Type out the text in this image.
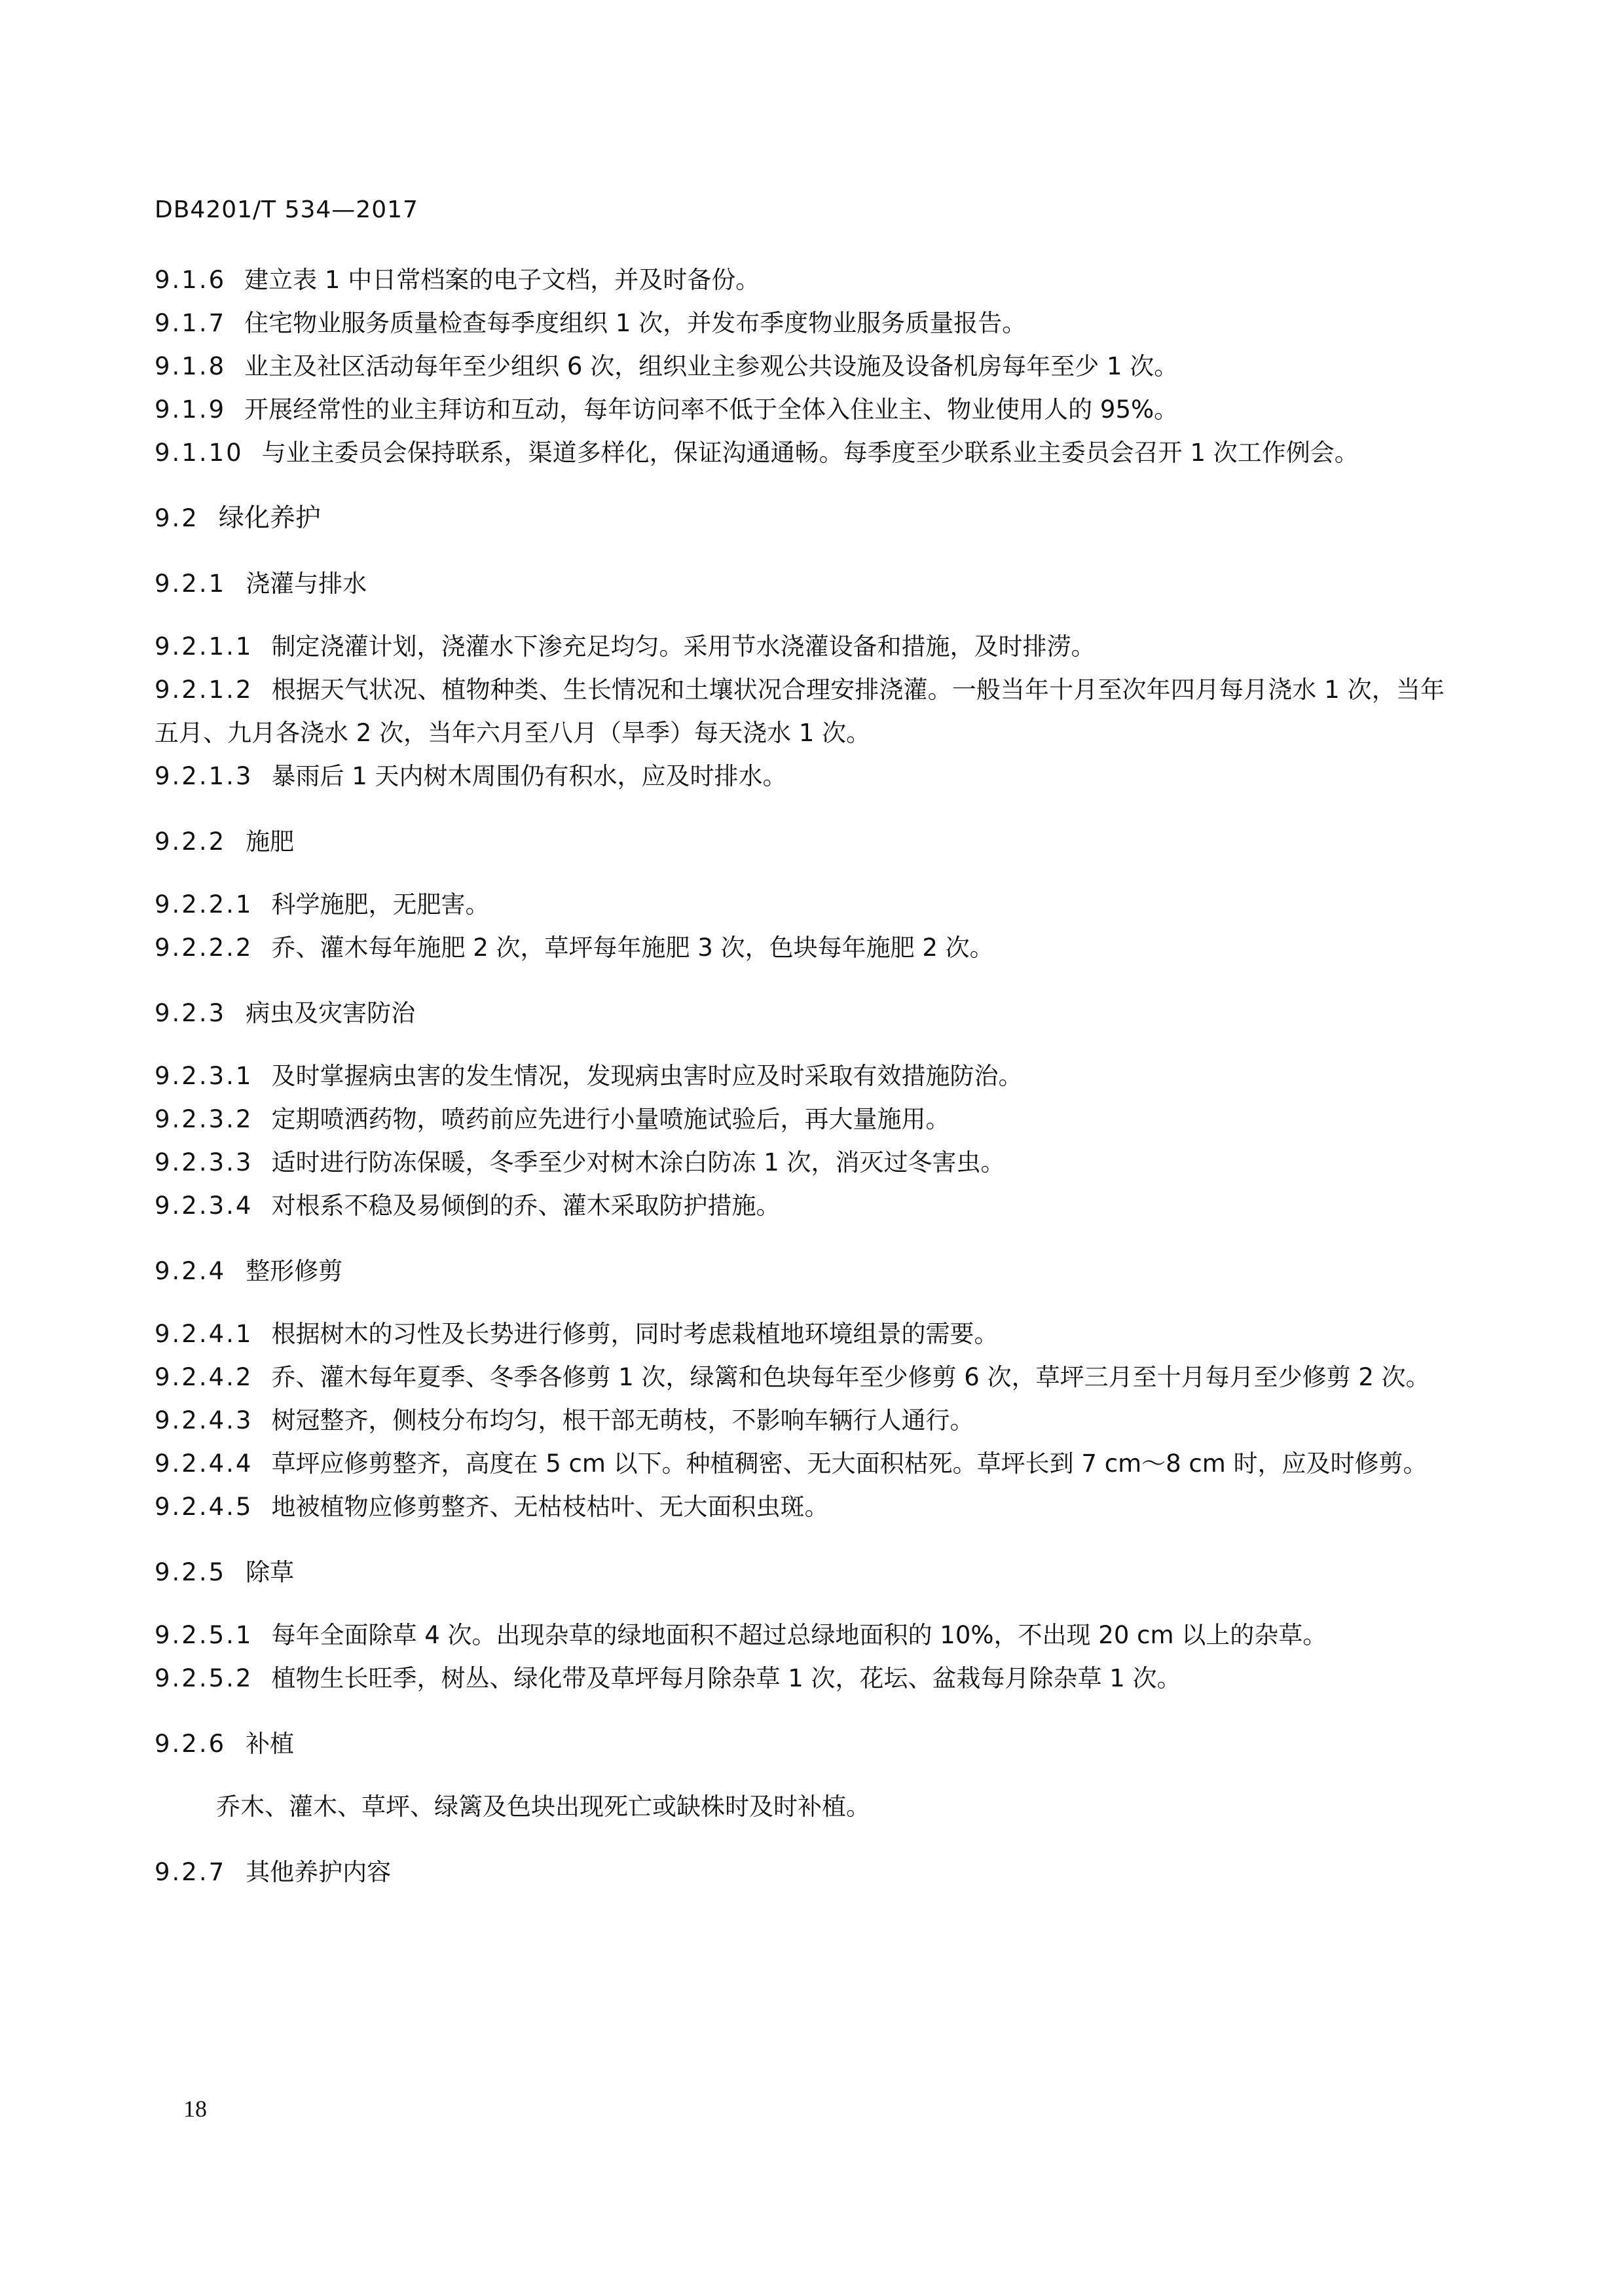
DB4201/T 534—2017

9.1.6 建立表 1 中日常档案的电子文档，并及时备份。

9.1.7 住宅物业服务质量检查每季度组织 1 次，并发布季度物业服务质量报告。

9.1.8 业主及社区活动每年至少组织 6 次，组织业主参观公共设施及设备机房每年至少 1 次。

9.1.9 开展经常性的业主拜访和互动，每年访问率不低于全体入住业主、物业使用人的 95%。

9.1.10 与业主委员会保持联系，渠道多样化，保证沟通通畅。每季度至少联系业主委员会召开 1 次工作例会。

9.2 绿化养护

9.2.1 浇灌与排水

9.2.1.1 制定浇灌计划，浇灌水下渗充足均匀。采用节水浇灌设备和措施，及时排涝。

9.2.1.2 根据天气状况、植物种类、生长情况和土壤状况合理安排浇灌。一般当年十月至次年四月每月浇水 1 次，当年五月、九月各浇水 2 次，当年六月至八月（旱季）每天浇水 1 次。

9.2.1.3 暴雨后 1 天内树木周围仍有积水，应及时排水。

9.2.2 施肥

9.2.2.1 科学施肥，无肥害。

9.2.2.2 乔、灌木每年施肥 2 次，草坪每年施肥 3 次，色块每年施肥 2 次。

9.2.3 病虫及灾害防治

9.2.3.1 及时掌握病虫害的发生情况，发现病虫害时应及时采取有效措施防治。

9.2.3.2 定期喷洒药物，喷药前应先进行小量喷施试验后，再大量施用。

9.2.3.3 适时进行防冻保暖，冬季至少对树木涂白防冻 1 次，消灭过冬害虫。

9.2.3.4 对根系不稳及易倾倒的乔、灌木采取防护措施。

9.2.4 整形修剪

9.2.4.1 根据树木的习性及长势进行修剪，同时考虑栽植地环境组景的需要。

9.2.4.2 乔、灌木每年夏季、冬季各修剪 1 次，绿篱和色块每年至少修剪 6 次，草坪三月至十月每月至少修剪 2 次。

9.2.4.3 树冠整齐，侧枝分布均匀，根干部无萌枝，不影响车辆行人通行。

9.2.4.4 草坪应修剪整齐，高度在 5 cm 以下。种植稠密、无大面积枯死。草坪长到 7 cm～8 cm 时，应及时修剪。

9.2.4.5 地被植物应修剪整齐、无枯枝枯叶、无大面积虫斑。

9.2.5 除草

9.2.5.1 每年全面除草 4 次。出现杂草的绿地面积不超过总绿地面积的 10%，不出现 20 cm 以上的杂草。

9.2.5.2 植物生长旺季，树丛、绿化带及草坪每月除杂草 1 次，花坛、盆栽每月除杂草 1 次。

9.2.6 补植

乔木、灌木、草坪、绿篱及色块出现死亡或缺株时及时补植。

9.2.7 其他养护内容

18
